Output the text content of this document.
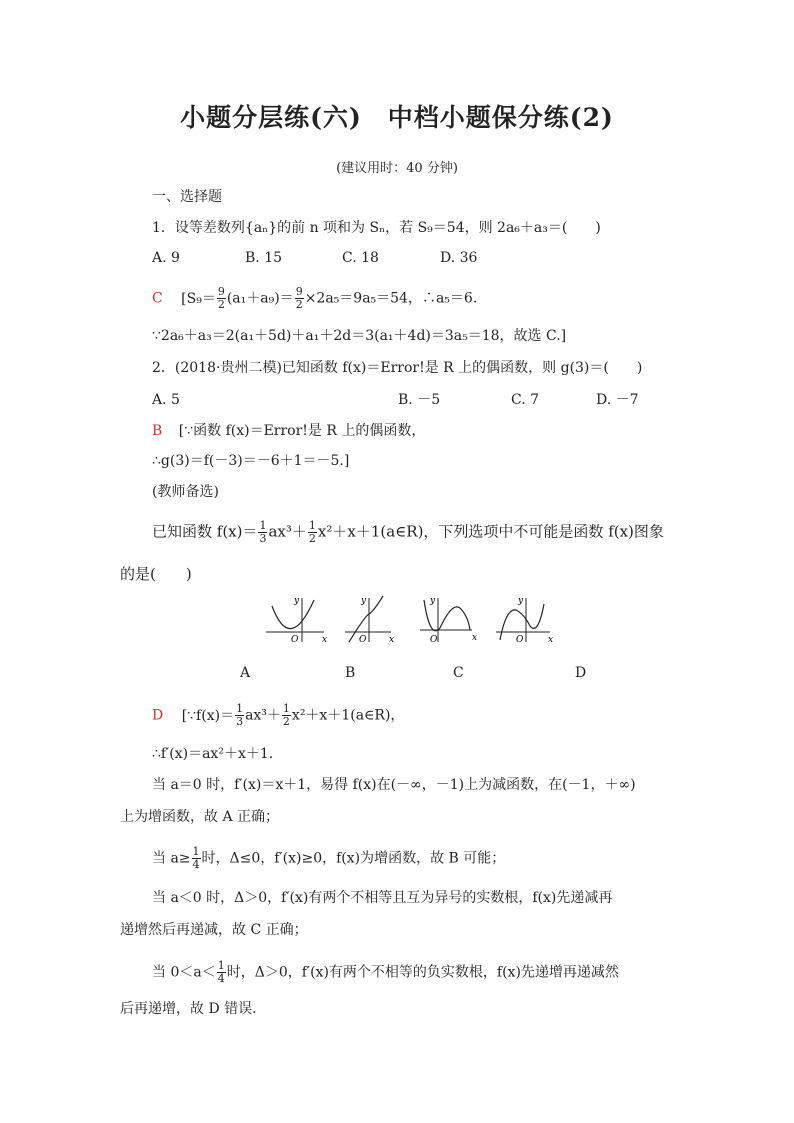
小题分层练(六)　中档小题保分练(2)
(建议用时：40 分钟)
一、选择题
1．设等差数列{aₙ}的前 n 项和为 Sₙ，若 S₉＝54，则 2a₆＋a₃＝(　　)
A. 9	B. 15	C. 18	D. 36
C [$S_9= \frac{9}{2} (a_1+a_9)= \frac{9}{2} \times 2a_5=9a_5=54$，∴a₅＝6.
∵2a₆＋a₃＝2(a₁＋5d)＋a₁＋2d＝3(a₁＋4d)＝3a₅＝18，故选 C.]
2．(2018·贵州二模)已知函数 f(x)＝Error!是 R 上的偶函数，则 g(3)＝(　　)
A. 5	B. －5	C. 7	D. －7
B [∵函数 f(x)＝Error!是 R 上的偶函数，
∴g(3)＝f(－3)＝－6＋1＝－5.]
(教师备选)
已知函数 $f(x)= \frac{1}{3} ax^3+ \frac{1}{2}$ x²＋x＋1(a∈R)，下列选项中不可能是函数 f(x)图象
的是(　　)
y
x
O
y
x
O
y
x
O
y
x
O
A	B	C	D
D [∵f(x)＝ $\frac{1}{3} ax^3+ \frac{1}{2}$ x²＋x＋1(a∈R)，
∴f′(x)＝ax²＋x＋1.
当 a＝0 时，f′(x)＝x＋1，易得 f(x)在(－∞，－1)上为减函数，在(－1，＋∞)
上为增函数，故 A 正确；
当 $a\ge \frac{1}{4}$ 时，Δ≤0，f′(x)≥0，f(x)为增函数，故 B 可能；
当 a＜0 时，Δ＞0，f′(x)有两个不相等且互为异号的实数根，f(x)先递减再
递增然后再递减，故 C 正确；
当 $0<a< \frac{1}{4}$ 时，Δ＞0，f′(x)有两个不相等的负实数根，f(x)先递增再递减然
后再递增，故 D 错误.
